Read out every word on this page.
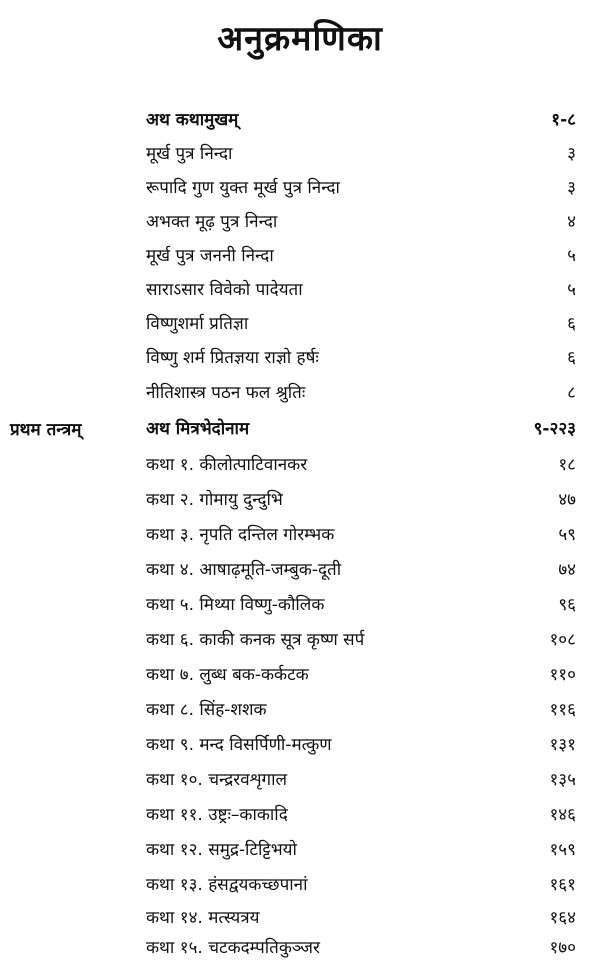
अनुक्रमणिका
अथ कथामुखम्	१-८
मूर्ख पुत्र निन्दा	३
रूपादि गुण युक्त मूर्ख पुत्र निन्दा	३
अभक्त मूढ़ पुत्र निन्दा	४
मूर्ख पुत्र जननी निन्दा	५
साराऽसार विवेको पादेयता	५
विष्णुशर्मा प्रतिज्ञा	६
विष्णु शर्म प्रितज्ञया राज्ञो हर्षः	६
नीतिशास्त्र पठन फल श्रुतिः	८
प्रथम तन्त्रम्	अथ मित्रभेदोनाम	९-२२३
कथा १. कीलोत्पाटिवानकर	१८
कथा २. गोमायु दुन्दुभि	४७
कथा ३. नृपति दन्तिल गोरम्भक	५९
कथा ४. आषाढ़मूति-जम्बुक-दूती	७४
कथा ५. मिथ्या विष्णु-कौलिक	९६
कथा ६. काकी कनक सूत्र कृष्ण सर्प	१०८
कथा ७. लुब्ध बक-कर्कटक	११०
कथा ८. सिंह-शशक	११६
कथा ९. मन्द विसर्पिणी-मत्कुण	१३१
कथा १०. चन्द्ररवशृगाल	१३५
कथा ११. उष्ट्रः–काकादि	१४६
कथा १२. समुद्र-टिट्टिभयो	१५९
कथा १३. हंसद्वयकच्छपानां	१६१
कथा १४. मत्स्यत्रय	१६४
कथा १५. चटकदम्पतिकुञ्जर	१७०
